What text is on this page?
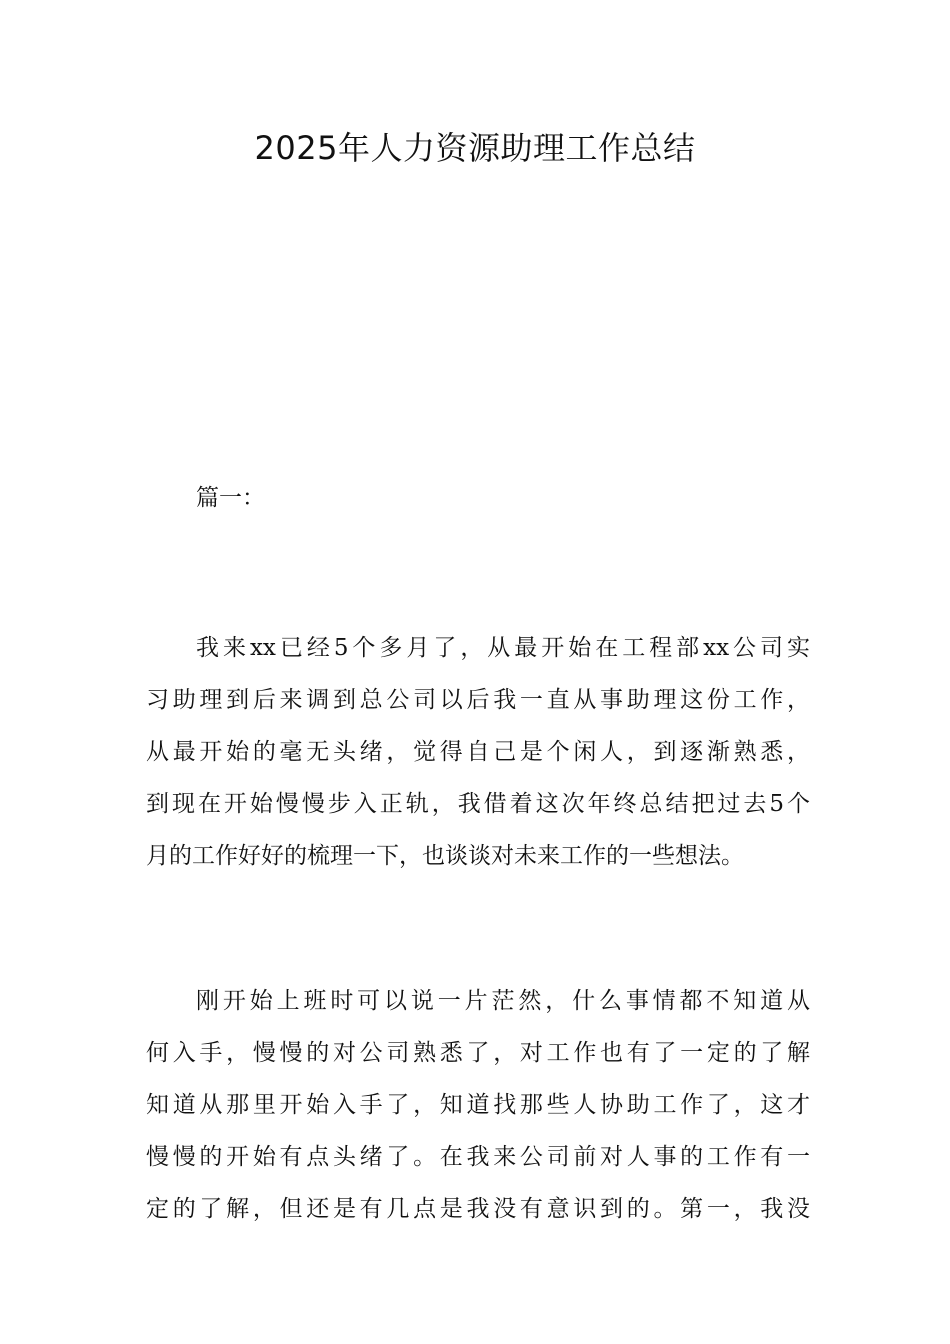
2025年人力资源助理工作总结
篇一：
我来xx已经5个多月了，从最开始在工程部xx公司实
习助理到后来调到总公司以后我一直从事助理这份工作，
从最开始的毫无头绪，觉得自己是个闲人，到逐渐熟悉，
到现在开始慢慢步入正轨，我借着这次年终总结把过去5个
月的工作好好的梳理一下，也谈谈对未来工作的一些想法。
刚开始上班时可以说一片茫然，什么事情都不知道从
何入手，慢慢的对公司熟悉了，对工作也有了一定的了解
知道从那里开始入手了，知道找那些人协助工作了，这才
慢慢的开始有点头绪了。在我来公司前对人事的工作有一
定的了解，但还是有几点是我没有意识到的。第一，我没
